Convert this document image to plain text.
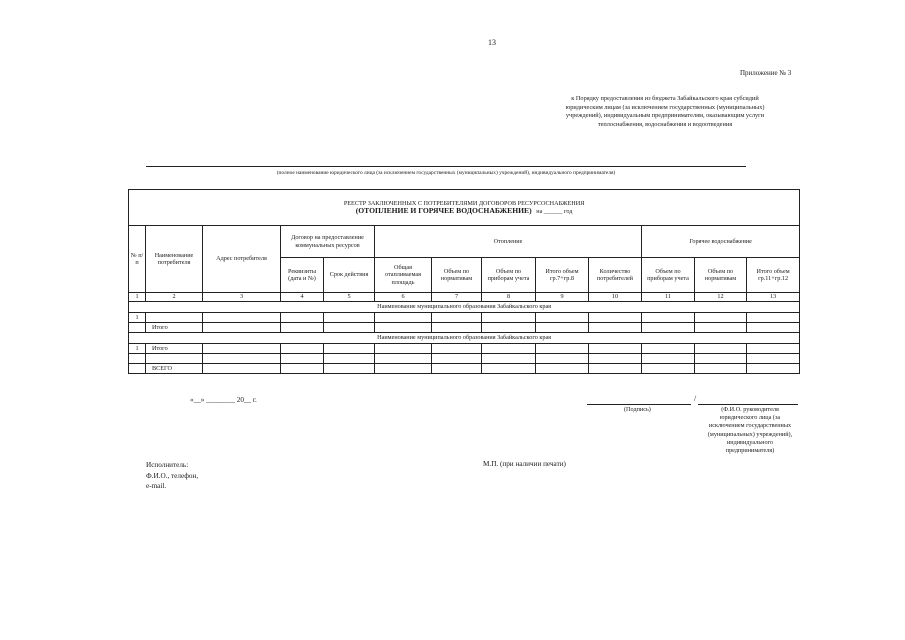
13
Приложение № 3
к Порядку предоставления из бюджета Забайкальского края субсидий
юридическим лицам (за исключением государственных (муниципальных)
учреждений), индивидуальным предпринимателям, оказывающим услуги
теплоснабжения, водоснабжения и водоотведения
(полное наименование юридического лица (за исключением государственных (муниципальных) учреждений), индивидуального предпринимателя)
РЕЕСТР ЗАКЛЮЧЕННЫХ С ПОТРЕБИТЕЛЯМИ ДОГОВОРОВ РЕСУРСОСНАБЖЕНИЯ
(ОТОПЛЕНИЕ И ГОРЯЧЕЕ ВОДОСНАБЖЕНИЕ) на ______ год												

№ п/п	Наименование потребителя	Адрес потребителя	Договор на предоставление коммунальных ресурсов		Отопление					Горячее водоснабжение		
			Реквизиты (дата и №)	Срок действия	Общая отапливаемая площадь	Объем по нормативам	Объем по приборам учета	Итого объем гр.7+гр.8	Количество потребителей	Объем по приборам учета	Объем по нормативам	Итого объем гр.11+гр.12
1	2	3	4	5	6	7	8	9	10	11	12	13
Наименование муниципального образования Забайкальского края												
1												
	Итого											
Наименование муниципального образования Забайкальского края												
1	Итого											

	ВСЕГО											
«__» ________ 20__ г.	/
(Подпись)	(Ф.И.О. руководителя
юридического лица (за
исключением государственных
(муниципальных) учреждений),
индивидуального
предпринимателя)
Исполнитель:
Ф.И.О., телефон,
e-mail.
М.П. (при наличии печати)
